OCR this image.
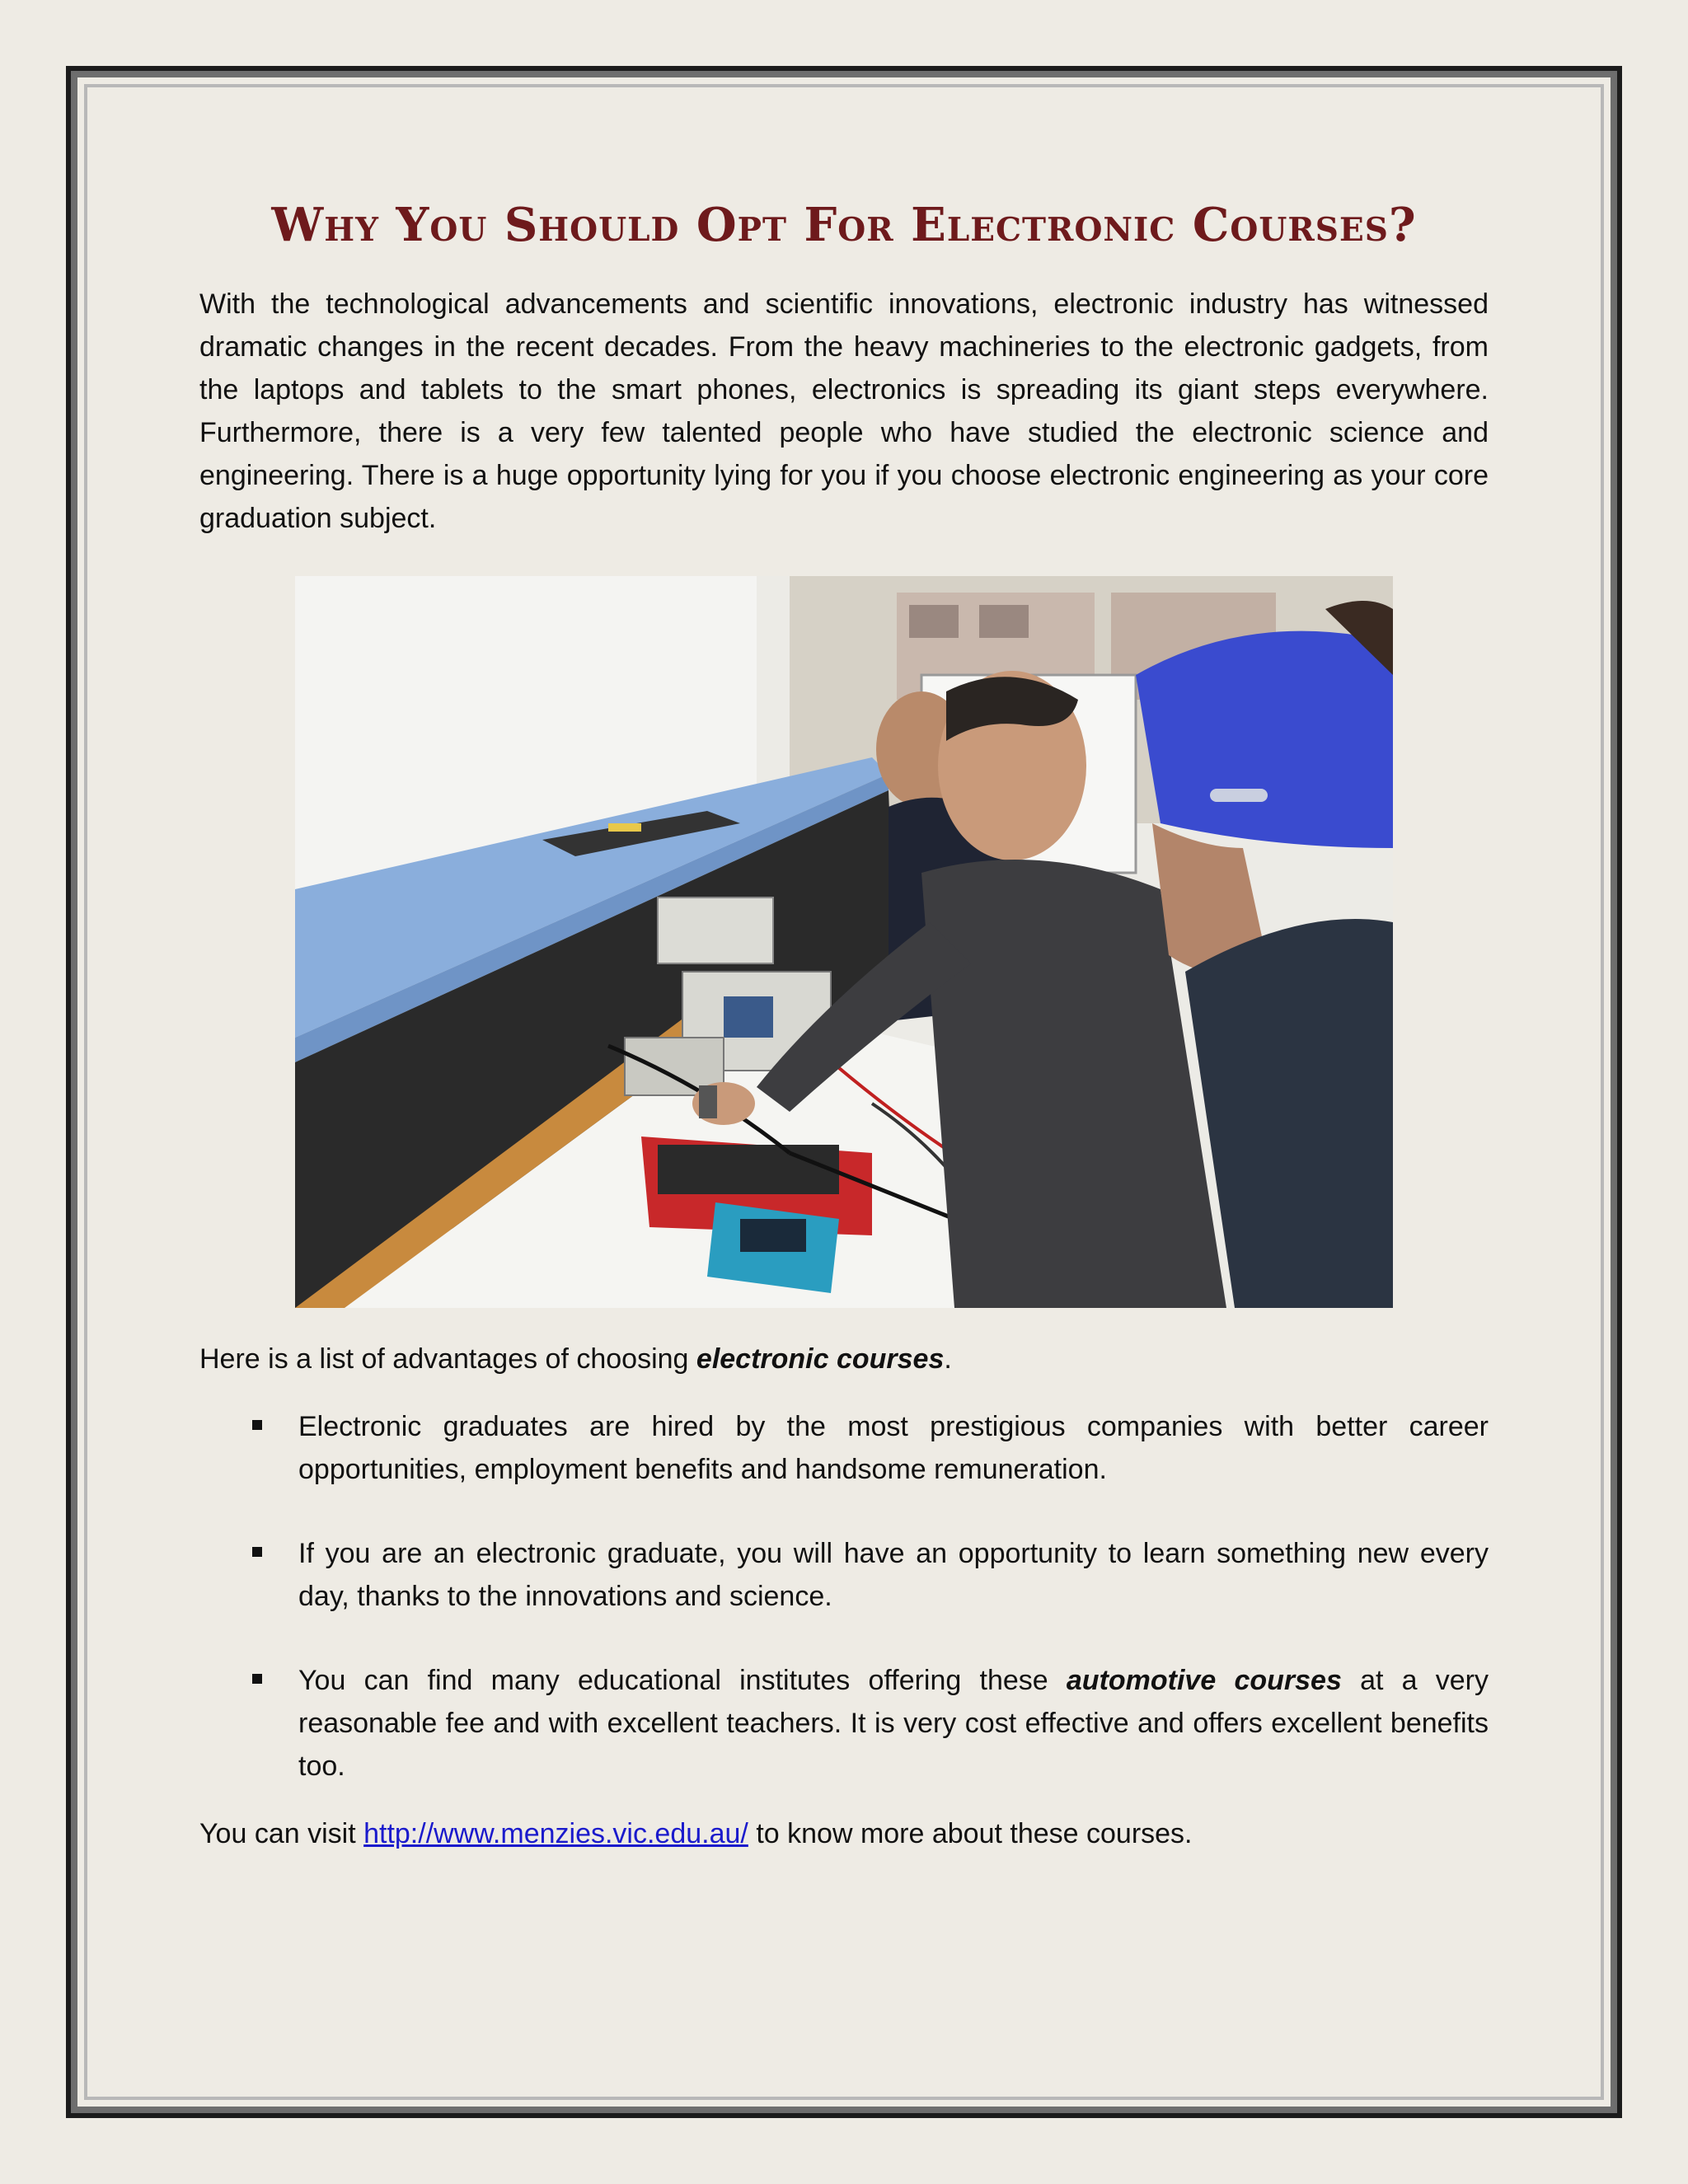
Why You Should Opt For Electronic Courses?

With the technological advancements and scientific innovations, electronic industry has witnessed dramatic changes in the recent decades. From the heavy machineries to the electronic gadgets, from the laptops and tablets to the smart phones, electronics is spreading its giant steps everywhere. Furthermore, there is a very few talented people who have studied the electronic science and engineering. There is a huge opportunity lying for you if you choose electronic engineering as your core graduation subject.

Here is a list of advantages of choosing electronic courses.

Electronic graduates are hired by the most prestigious companies with better career opportunities, employment benefits and handsome remuneration.
If you are an electronic graduate, you will have an opportunity to learn something new every day, thanks to the innovations and science.
You can find many educational institutes offering these automotive courses at a very reasonable fee and with excellent teachers. It is very cost effective and offers excellent benefits too.

You can visit http://www.menzies.vic.edu.au/ to know more about these courses.
